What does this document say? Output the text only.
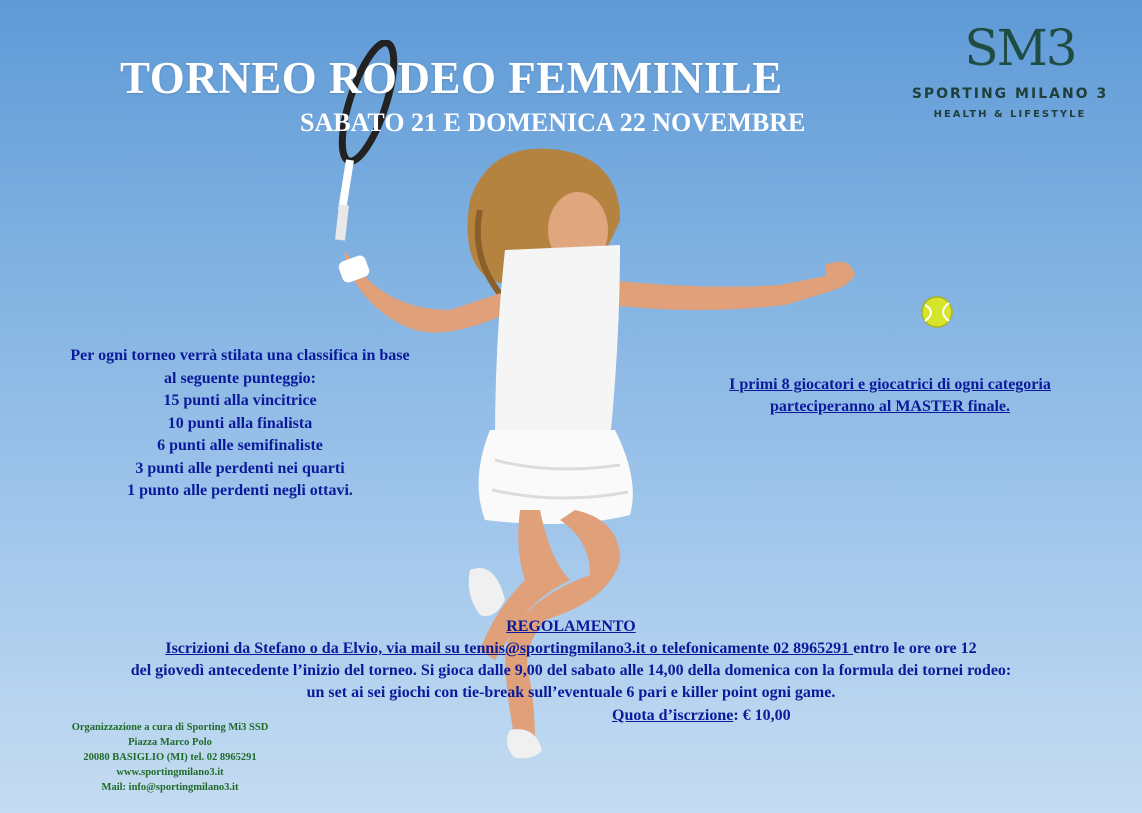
TORNEO RODEO FEMMINILE
SABATO 21 E DOMENICA 22 NOVEMBRE
SM3
SPORTING MILANO 3
HEALTH & LIFESTYLE
Per ogni torneo verrà stilata una classifica in base
al seguente punteggio:
15 punti alla vincitrice
10 punti alla finalista
6 punti alle semifinaliste
3 punti alle perdenti nei quarti
1 punto alle perdenti negli ottavi.
I primi 8 giocatori e giocatrici di ogni categoria
parteciperanno al MASTER finale.
REGOLAMENTO
Iscrizioni da Stefano o da Elvio, via mail su tennis@sportingmilano3.it o telefonicamente 02 8965291 entro le ore ore 12
del giovedì antecedente l’inizio del torneo. Si gioca dalle 9,00 del sabato alle 14,00 della domenica con la formula dei tornei rodeo:
un set ai sei giochi con tie-break sull’eventuale 6 pari e killer point ogni game.
Quota d’iscrzione: € 10,00
Organizzazione a cura di Sporting Mi3 SSD
Piazza Marco Polo
20080 BASIGLIO (MI) tel. 02 8965291
www.sportingmilano3.it
Mail: info@sportingmilano3.it
